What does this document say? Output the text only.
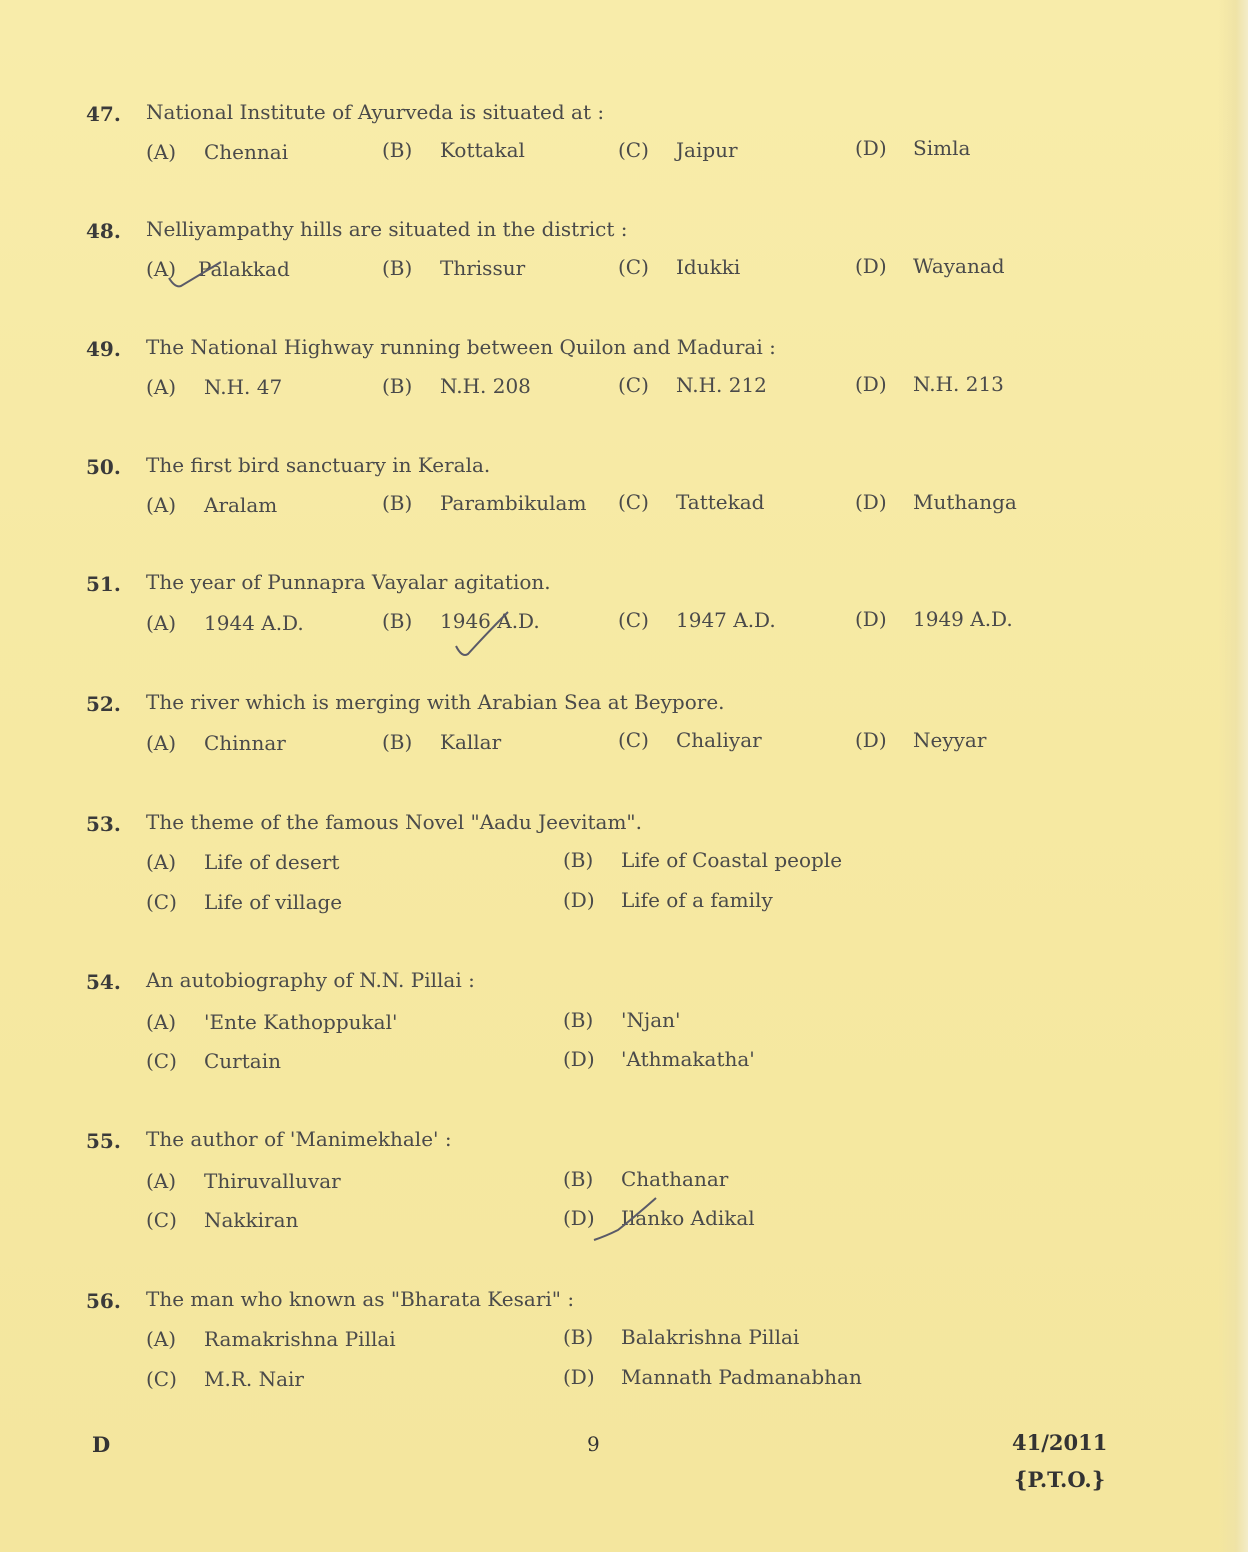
47. National Institute of Ayurveda is situated at :
(A) Chennai	(B) Kottakal	(C) Jaipur	(D) Simla
48. Nelliyampathy hills are situated in the district :
(A) Palakkad	(B) Thrissur	(C) Idukki	(D) Wayanad
49. The National Highway running between Quilon and Madurai :
(A) N.H. 47	(B) N.H. 208	(C) N.H. 212	(D) N.H. 213
50. The first bird sanctuary in Kerala.
(A) Aralam	(B) Parambikulam (C) Tattekad	(D) Muthanga
51. The year of Punnapra Vayalar agitation.
(A) 1944 A.D.	(B) 1946 A.D.	(C) 1947 A.D.	(D) 1949 A.D.
52. The river which is merging with Arabian Sea at Beypore.
(A) Chinnar	(B) Kallar	(C) Chaliyar	(D) Neyyar
53. The theme of the famous Novel "Aadu Jeevitam".
(A) Life of desert	(B) Life of Coastal people
(C) Life of village	(D) Life of a family
54. An autobiography of N.N. Pillai :
(A) 'Ente Kathoppukal'	(B) 'Njan'
(C) Curtain	(D) 'Athmakatha'
55. The author of 'Manimekhale' :
(A) Thiruvalluvar	(B) Chathanar
(C) Nakkiran	(D) Ilanko Adikal
56. The man who known as "Bharata Kesari" :
(A) Ramakrishna Pillai	(B) Balakrishna Pillai
(C) M.R. Nair	(D) Mannath Padmanabhan
D	9	41/2011
{P.T.O.}
